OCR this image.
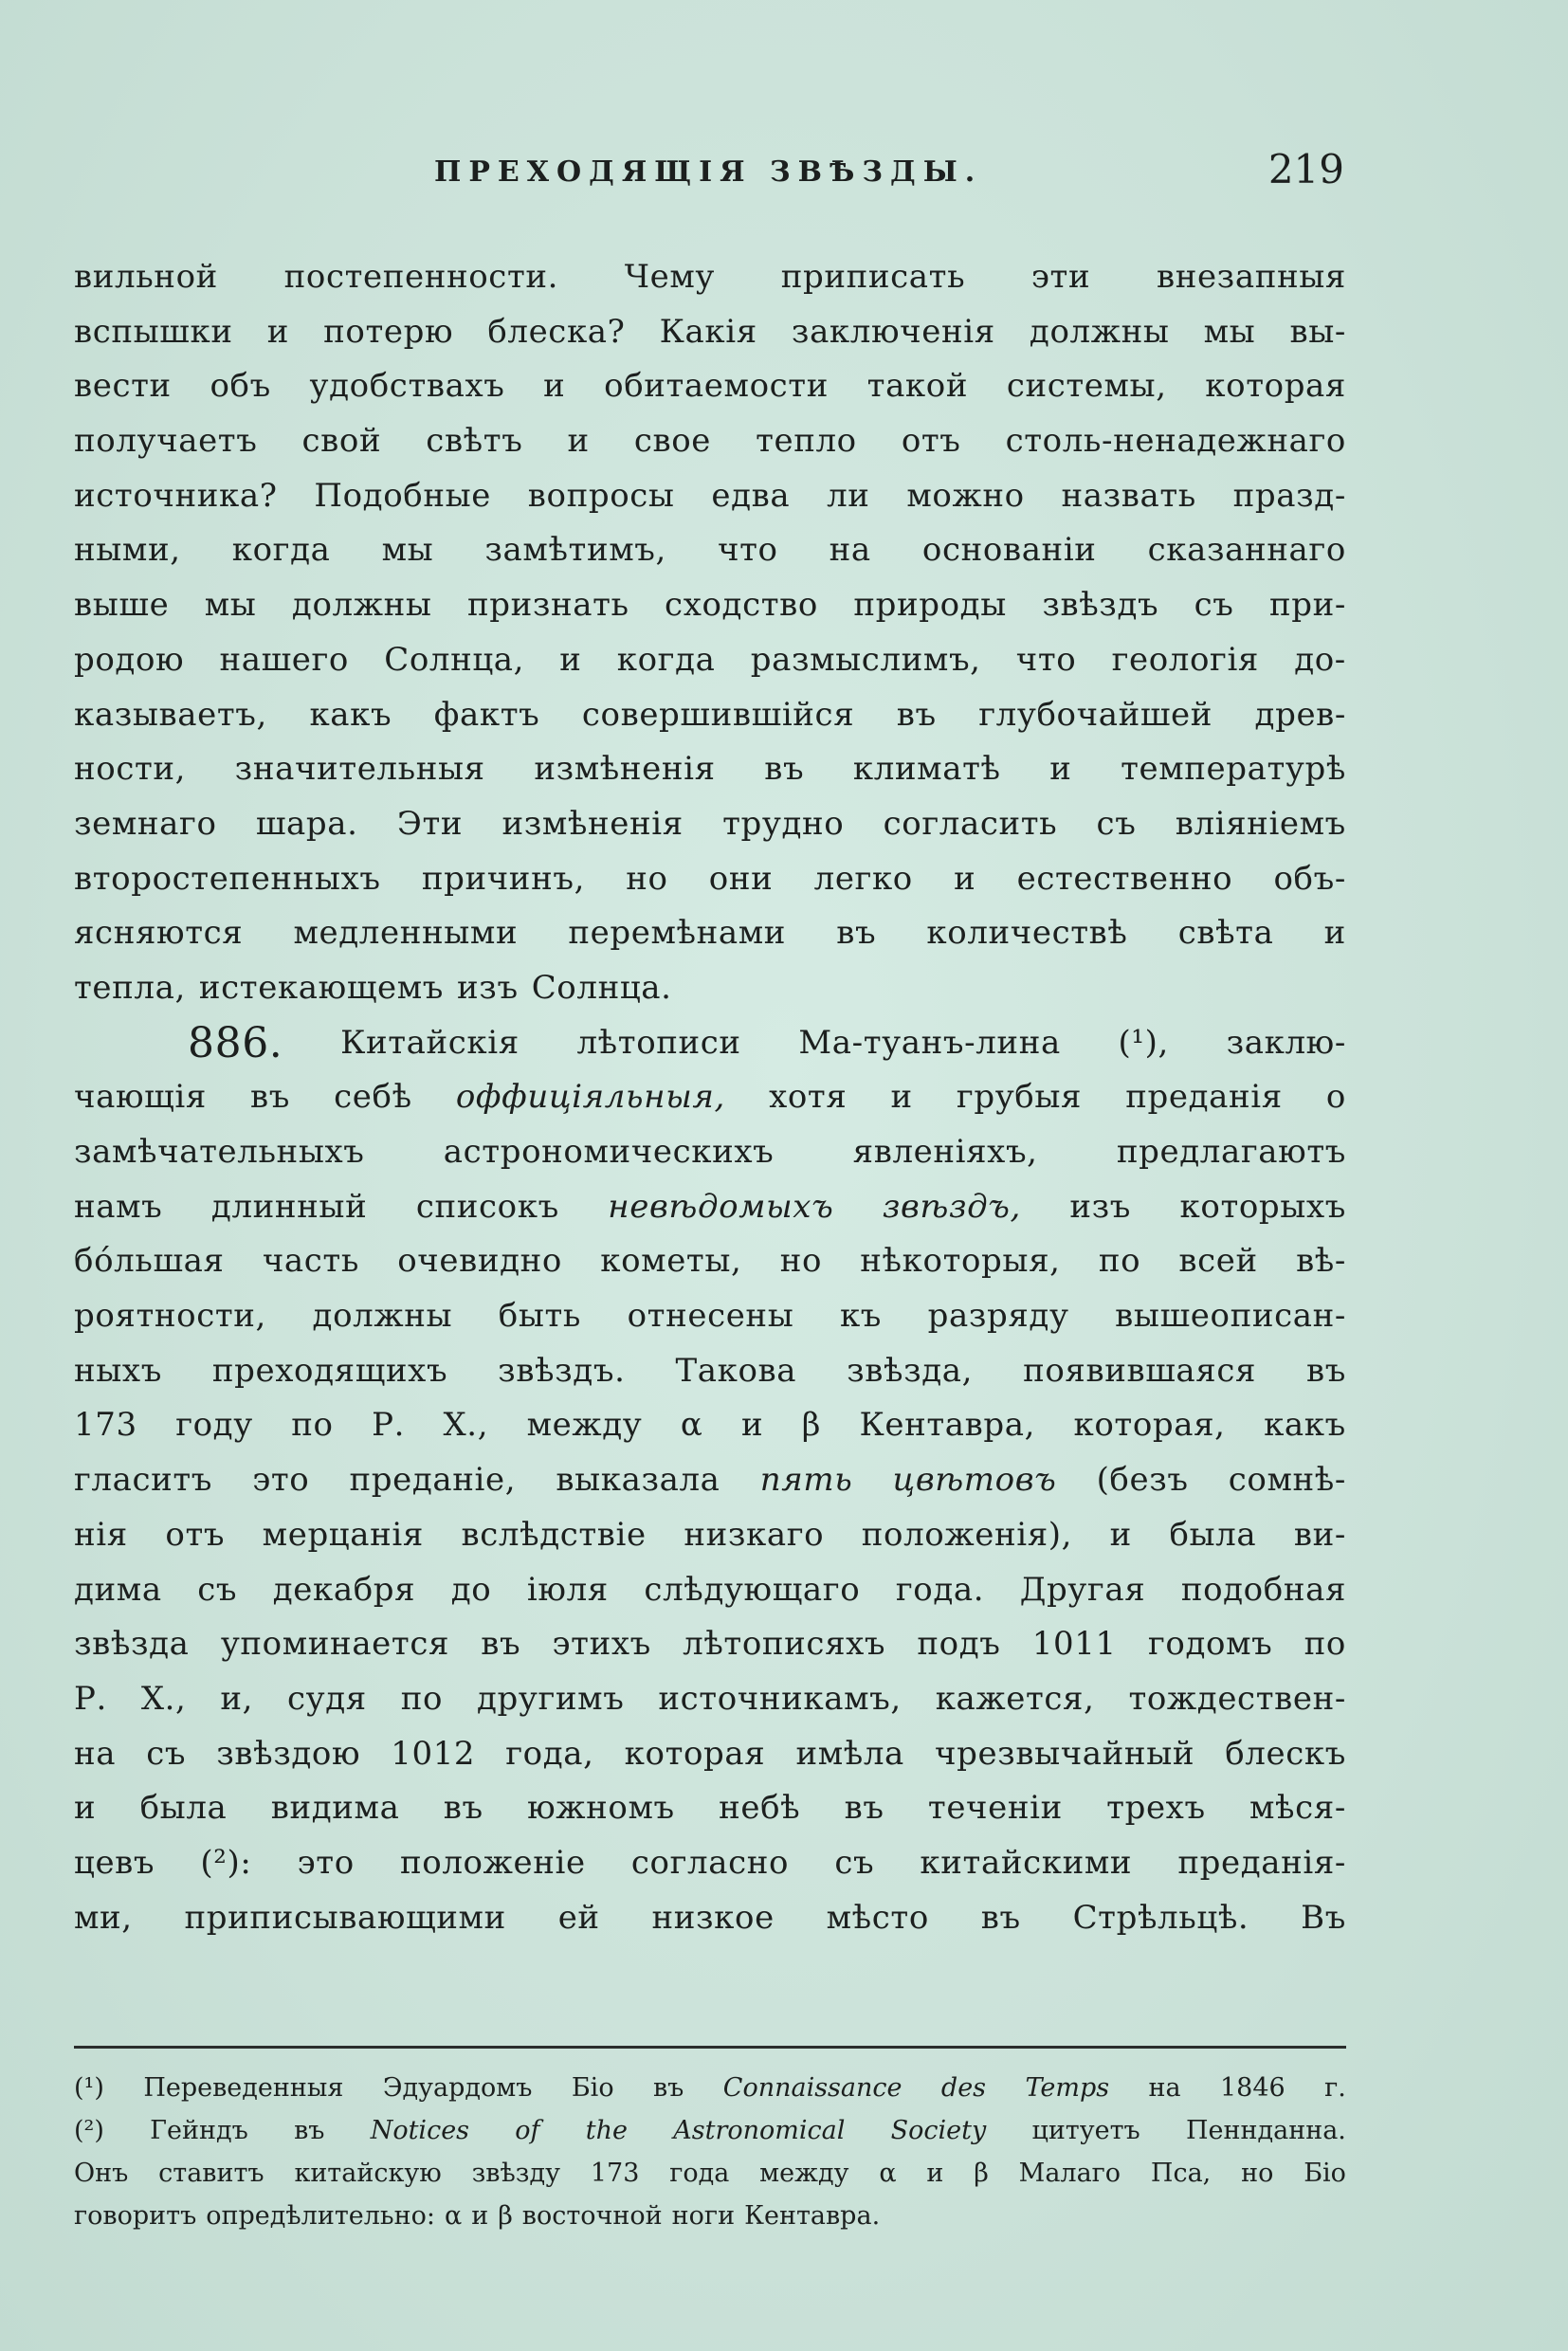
ПРЕХОДЯЩІЯ ЗВѢЗДЫ.	219
вильной постепенности. Чему приписать эти внезапныя
вспышки и потерю блеска? Какія заключенія должны мы вы-
вести объ удобствахъ и обитаемости такой системы, которая
получаетъ свой свѣтъ и свое тепло отъ столь-ненадежнаго
источника? Подобные вопросы едва ли можно назвать празд-
ными, когда мы замѣтимъ, что на основаніи сказаннаго
выше мы должны признать сходство природы звѣздъ съ при-
родою нашего Солнца, и когда размыслимъ, что геологія до-
казываетъ, какъ фактъ совершившійся въ глубочайшей древ-
ности, значительныя измѣненія въ климатѣ и температурѣ
земнаго шара. Эти измѣненія трудно согласить съ вліяніемъ
второстепенныхъ причинъ, но они легко и естественно объ-
ясняются медленными перемѣнами въ количествѣ свѣта и
тепла, истекающемъ изъ Солнца.
886. Китайскія лѣтописи Ма-туанъ-лина (¹), заклю-
чающія въ себѣ оффиціяльныя, хотя и грубыя преданія о
замѣчательныхъ астрономическихъ явленіяхъ, предлагаютъ
намъ длинный списокъ невѣдомыхъ звѣздъ, изъ которыхъ
бóльшая часть очевидно кометы, но нѣкоторыя, по всей вѣ-
роятности, должны быть отнесены къ разряду вышеописан-
ныхъ преходящихъ звѣздъ. Такова звѣзда, появившаяся въ
173 году по Р. Х., между α и β Кентавра, которая, какъ
гласитъ это преданіе, выказала пять цвѣтовъ (безъ сомнѣ-
нія отъ мерцанія вслѣдствіе низкаго положенія), и была ви-
дима съ декабря до іюля слѣдующаго года. Другая подобная
звѣзда упоминается въ этихъ лѣтописяхъ подъ 1011 годомъ по
Р. Х., и, судя по другимъ источникамъ, кажется, тождествен-
на съ звѣздою 1012 года, которая имѣла чрезвычайный блескъ
и была видима въ южномъ небѣ въ теченіи трехъ мѣся-
цевъ (²): это положеніе согласно съ китайскими преданія-
ми, приписывающими ей низкое мѣсто въ Стрѣльцѣ. Въ
(¹) Переведенныя Эдуардомъ Біо въ Connaissance des Temps на 1846 г.
(²) Гейндъ въ Notices of the Astronomical Society цитуетъ Пеннданна.
Онъ ставитъ китайскую звѣзду 173 года между α и β Малаго Пса, но Біо
говоритъ опредѣлительно: α и β восточной ноги Кентавра.
